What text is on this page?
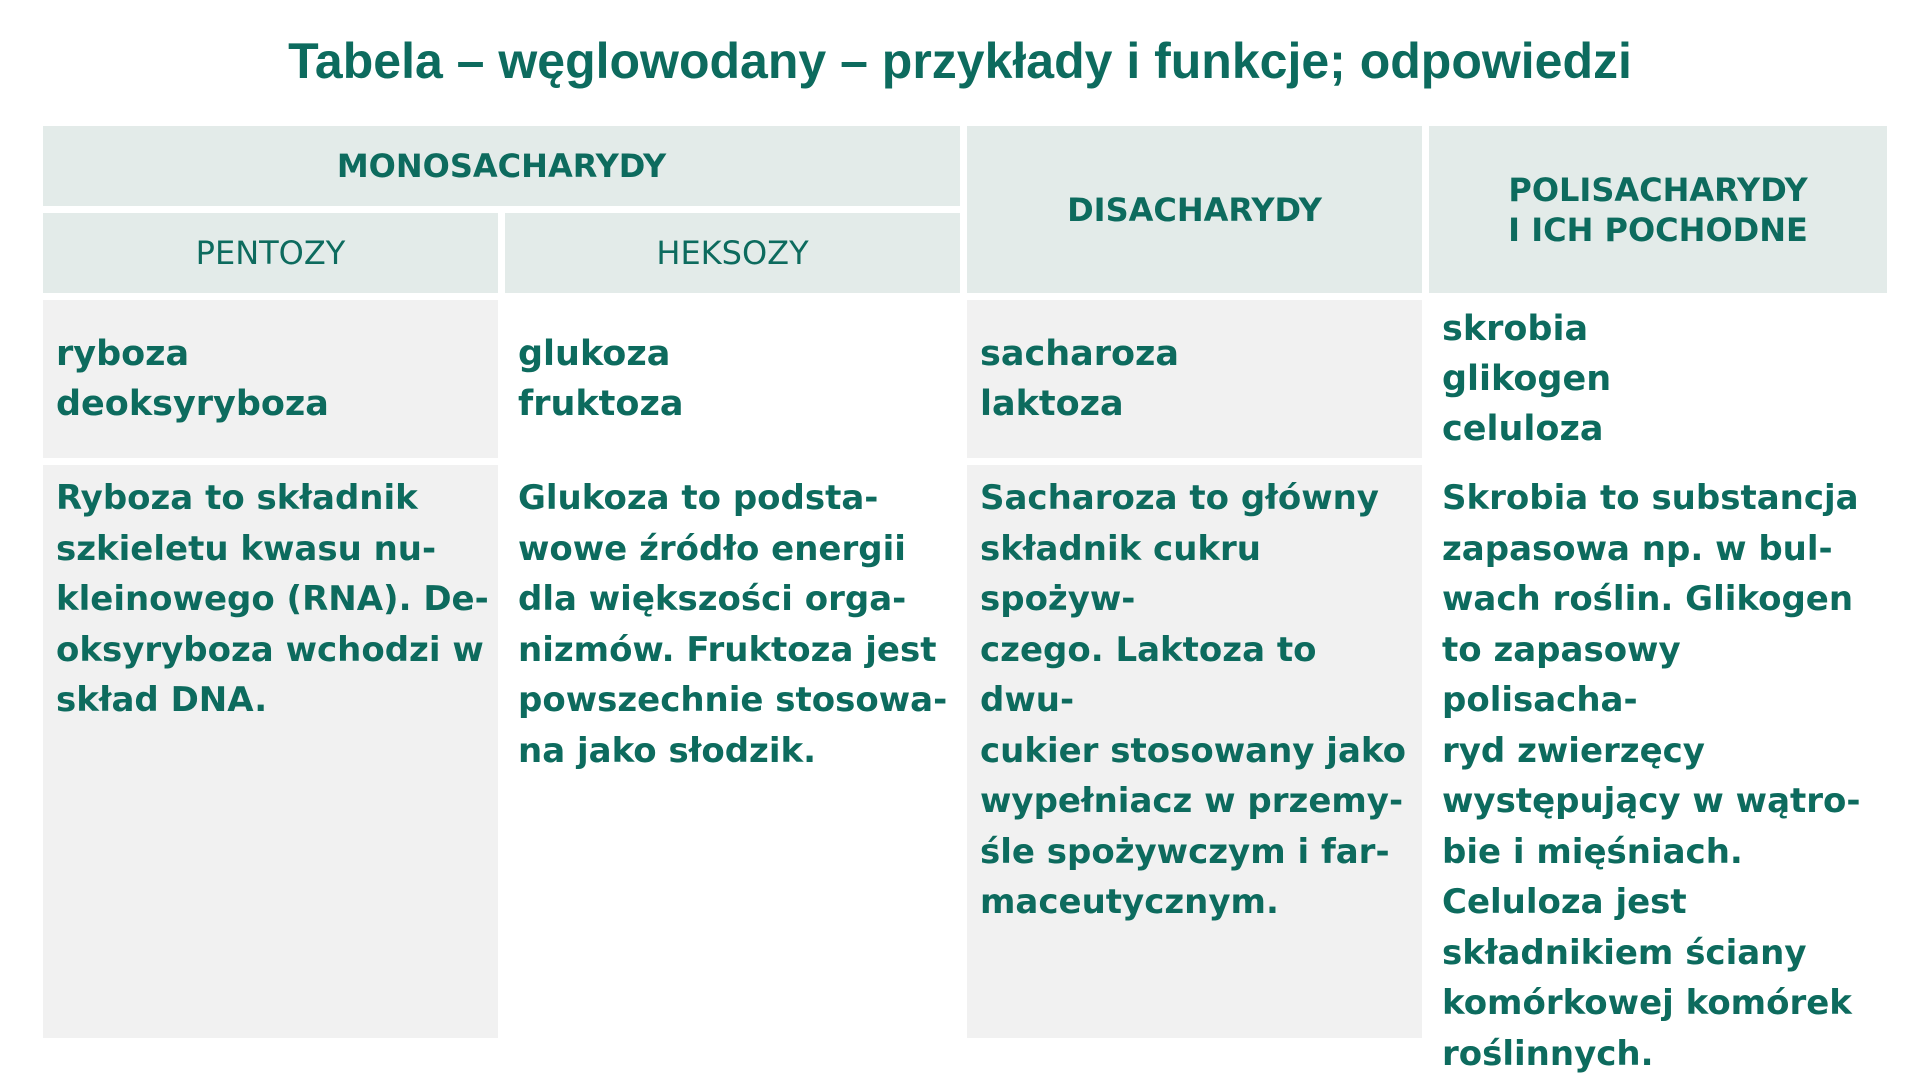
Tabela – węglowodany – przykłady i funkcje; odpowiedzi
MONOSACHARYDY
PENTOZY	HEKSOZY
DISACHARYDY
POLISACHARYDY
I ICH POCHODNE
ryboza
deoksyryboza
glukoza
fruktoza
sacharoza
laktoza
skrobia
glikogen
celuloza
Ryboza to składnik
szkieletu kwasu nu-
kleinowego (RNA). De-
oksyryboza wchodzi w
skład DNA.
Glukoza to podsta-
wowe źródło energii
dla większości orga-
nizmów. Fruktoza jest
powszechnie stosowa-
na jako słodzik.
Sacharoza to główny
składnik cukru spożyw-
czego. Laktoza to dwu-
cukier stosowany jako
wypełniacz w przemy-
śle spożywczym i far-
maceutycznym.
Skrobia to substancja
zapasowa np. w bul-
wach roślin. Glikogen
to zapasowy polisacha-
ryd zwierzęcy
występujący w wątro-
bie i mięśniach.
Celuloza jest
składnikiem ściany
komórkowej komórek
roślinnych.
